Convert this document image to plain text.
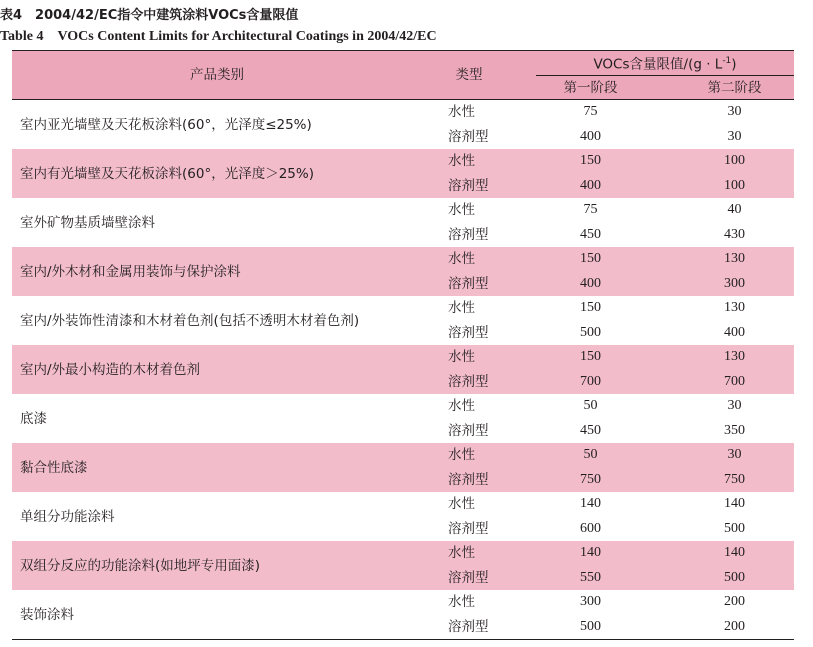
表4　2004/42/EC指令中建筑涂料VOCs含量限值
Table 4　VOCs Content Limits for Architectural Coatings in 2004/42/EC
产品类别	类型	VOCs含量限值$/(g \cdot L^{-1})$	
		第一阶段	第二阶段
室内亚光墙壁及天花板涂料(60°，光泽度≤25%)	水性	75	30
	溶剂型	400	30
室内有光墙壁及天花板涂料(60°，光泽度＞25%)	水性	150	100
	溶剂型	400	100
室外矿物基质墙壁涂料	水性	75	40
	溶剂型	450	430
室内/外木材和金属用装饰与保护涂料	水性	150	130
	溶剂型	400	300
室内/外装饰性清漆和木材着色剂(包括不透明木材着色剂)	水性	150	130
	溶剂型	500	400
室内/外最小构造的木材着色剂	水性	150	130
	溶剂型	700	700
底漆	水性	50	30
	溶剂型	450	350
黏合性底漆	水性	50	30
	溶剂型	750	750
单组分功能涂料	水性	140	140
	溶剂型	600	500
双组分反应的功能涂料(如地坪专用面漆)	水性	140	140
	溶剂型	550	500
装饰涂料	水性	300	200
	溶剂型	500	200
